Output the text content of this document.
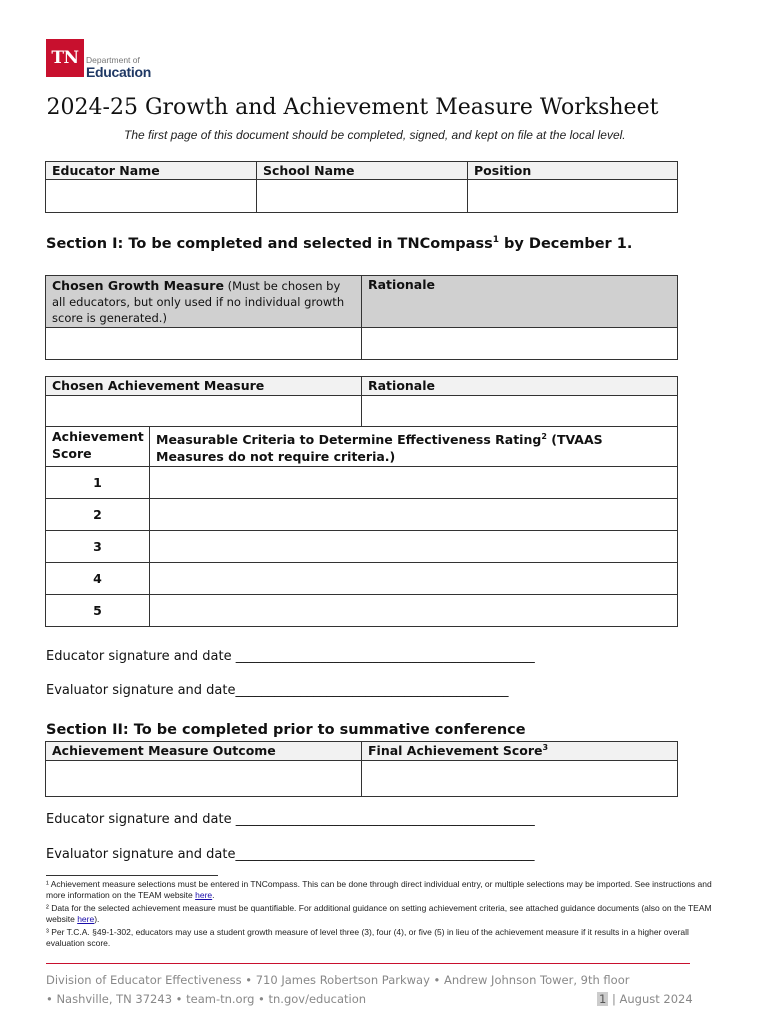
TN Department of
Education
2024-25 Growth and Achievement Measure Worksheet
The first page of this document should be completed, signed, and kept on file at the local level.
Educator Name	School Name	Position

Section I: To be completed and selected in TNCompass$^1$ by December 1.
Chosen Growth Measure (Must be chosen by all educators, but only used if no individual growth score is generated.)	Rationale

Chosen Achievement Measure	Rationale

Achievement Score	Measurable Criteria to Determine Effectiveness Rating$^2$ (TVAAS Measures do not require criteria.)
1	
2	
3	
4	
5	
Educator signature and date ______________________________________________
Evaluator signature and date__________________________________________
Section II: To be completed prior to summative conference
Achievement Measure Outcome	Final Achievement Score$^3$

Educator signature and date ______________________________________________
Evaluator signature and date______________________________________________
¹ Achievement measure selections must be entered in TNCompass. This can be done through direct individual entry, or multiple selections may be imported. See instructions and more information on the TEAM website here.
² Data for the selected achievement measure must be quantifiable. For additional guidance on setting achievement criteria, see attached guidance documents (also on the TEAM website here).
³ Per T.C.A. §49-1-302, educators may use a student growth measure of level three (3), four (4), or five (5) in lieu of the achievement measure if it results in a higher overall evaluation score.
Division of Educator Effectiveness • 710 James Robertson Parkway • Andrew Johnson Tower, 9th floor
• Nashville, TN 37243 • team-tn.org • tn.gov/education	1 | August 2024
